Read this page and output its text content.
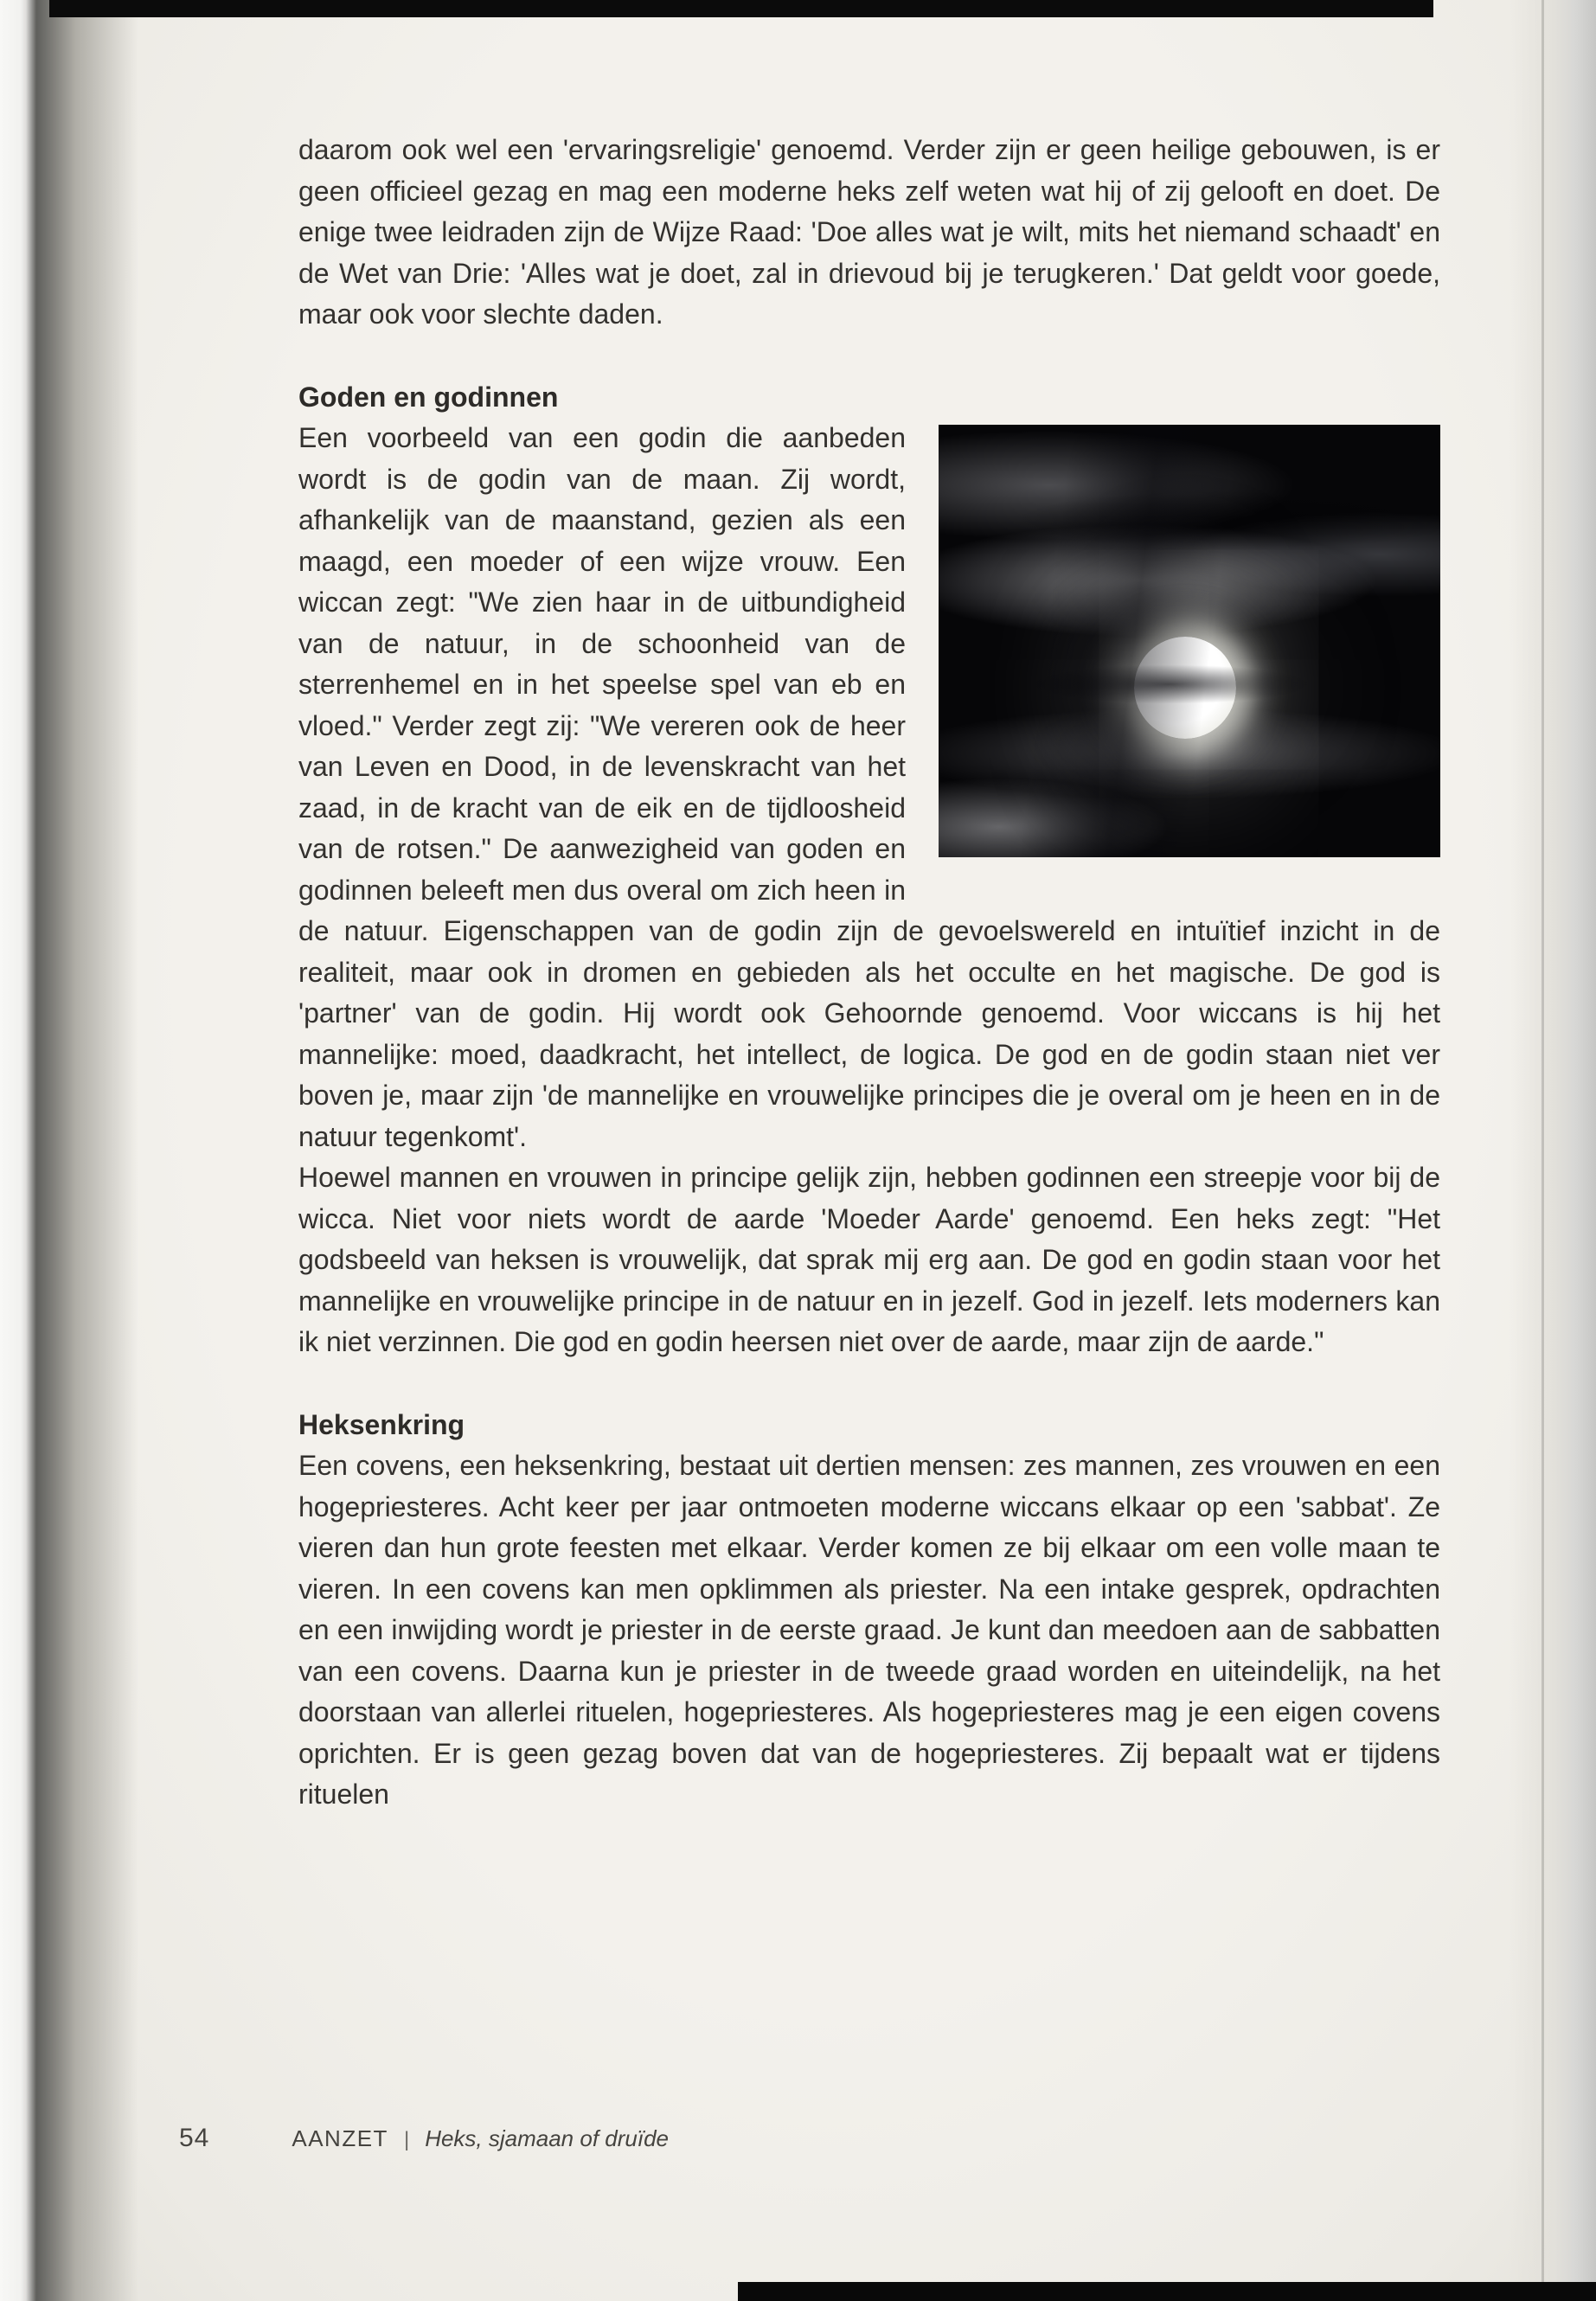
daarom ook wel een 'ervaringsreligie' genoemd. Verder zijn er geen heilige gebouwen, is er geen officieel gezag en mag een moderne heks zelf weten wat hij of zij gelooft en doet. De enige twee leidraden zijn de Wijze Raad: 'Doe alles wat je wilt, mits het niemand schaadt' en de Wet van Drie: 'Alles wat je doet, zal in drievoud bij je terugkeren.' Dat geldt voor goede, maar ook voor slechte daden.

Goden en godinnen

Een voorbeeld van een godin die aanbeden wordt is de godin van de maan. Zij wordt, afhankelijk van de maanstand, gezien als een maagd, een moeder of een wijze vrouw. Een wiccan zegt: "We zien haar in de uitbundigheid van de natuur, in de schoonheid van de sterrenhemel en in het speelse spel van eb en vloed." Verder zegt zij: "We vereren ook de heer van Leven en Dood, in de levenskracht van het zaad, in de kracht van de eik en de tijdloosheid van de rotsen." De aanwezigheid van goden en godinnen beleeft men dus overal om zich heen in de natuur. Eigenschappen van de godin zijn de gevoelswereld en intuïtief inzicht in de realiteit, maar ook in dromen en gebieden als het occulte en het magische. De god is 'partner' van de godin. Hij wordt ook Gehoornde genoemd. Voor wiccans is hij het mannelijke: moed, daadkracht, het intellect, de logica. De god en de godin staan niet ver boven je, maar zijn 'de mannelijke en vrouwelijke principes die je overal om je heen en in de natuur tegenkomt'.

Hoewel mannen en vrouwen in principe gelijk zijn, hebben godinnen een streepje voor bij de wicca. Niet voor niets wordt de aarde 'Moeder Aarde' genoemd. Een heks zegt: "Het godsbeeld van heksen is vrouwelijk, dat sprak mij erg aan. De god en godin staan voor het mannelijke en vrouwelijke principe in de natuur en in jezelf. God in jezelf. Iets moderners kan ik niet verzinnen. Die god en godin heersen niet over de aarde, maar zijn de aarde."

Heksenkring

Een covens, een heksenkring, bestaat uit dertien mensen: zes mannen, zes vrouwen en een hogepriesteres. Acht keer per jaar ontmoeten moderne wiccans elkaar op een 'sabbat'. Ze vieren dan hun grote feesten met elkaar. Verder komen ze bij elkaar om een volle maan te vieren. In een covens kan men opklimmen als priester. Na een intake gesprek, opdrachten en een inwijding wordt je priester in de eerste graad. Je kunt dan meedoen aan de sabbatten van een covens. Daarna kun je priester in de tweede graad worden en uiteindelijk, na het doorstaan van allerlei rituelen, hogepriesteres. Als hogepriesteres mag je een eigen covens oprichten. Er is geen gezag boven dat van de hogepriesteres. Zij bepaalt wat er tijdens rituelen

54	AANZET | Heks, sjamaan of druïde
